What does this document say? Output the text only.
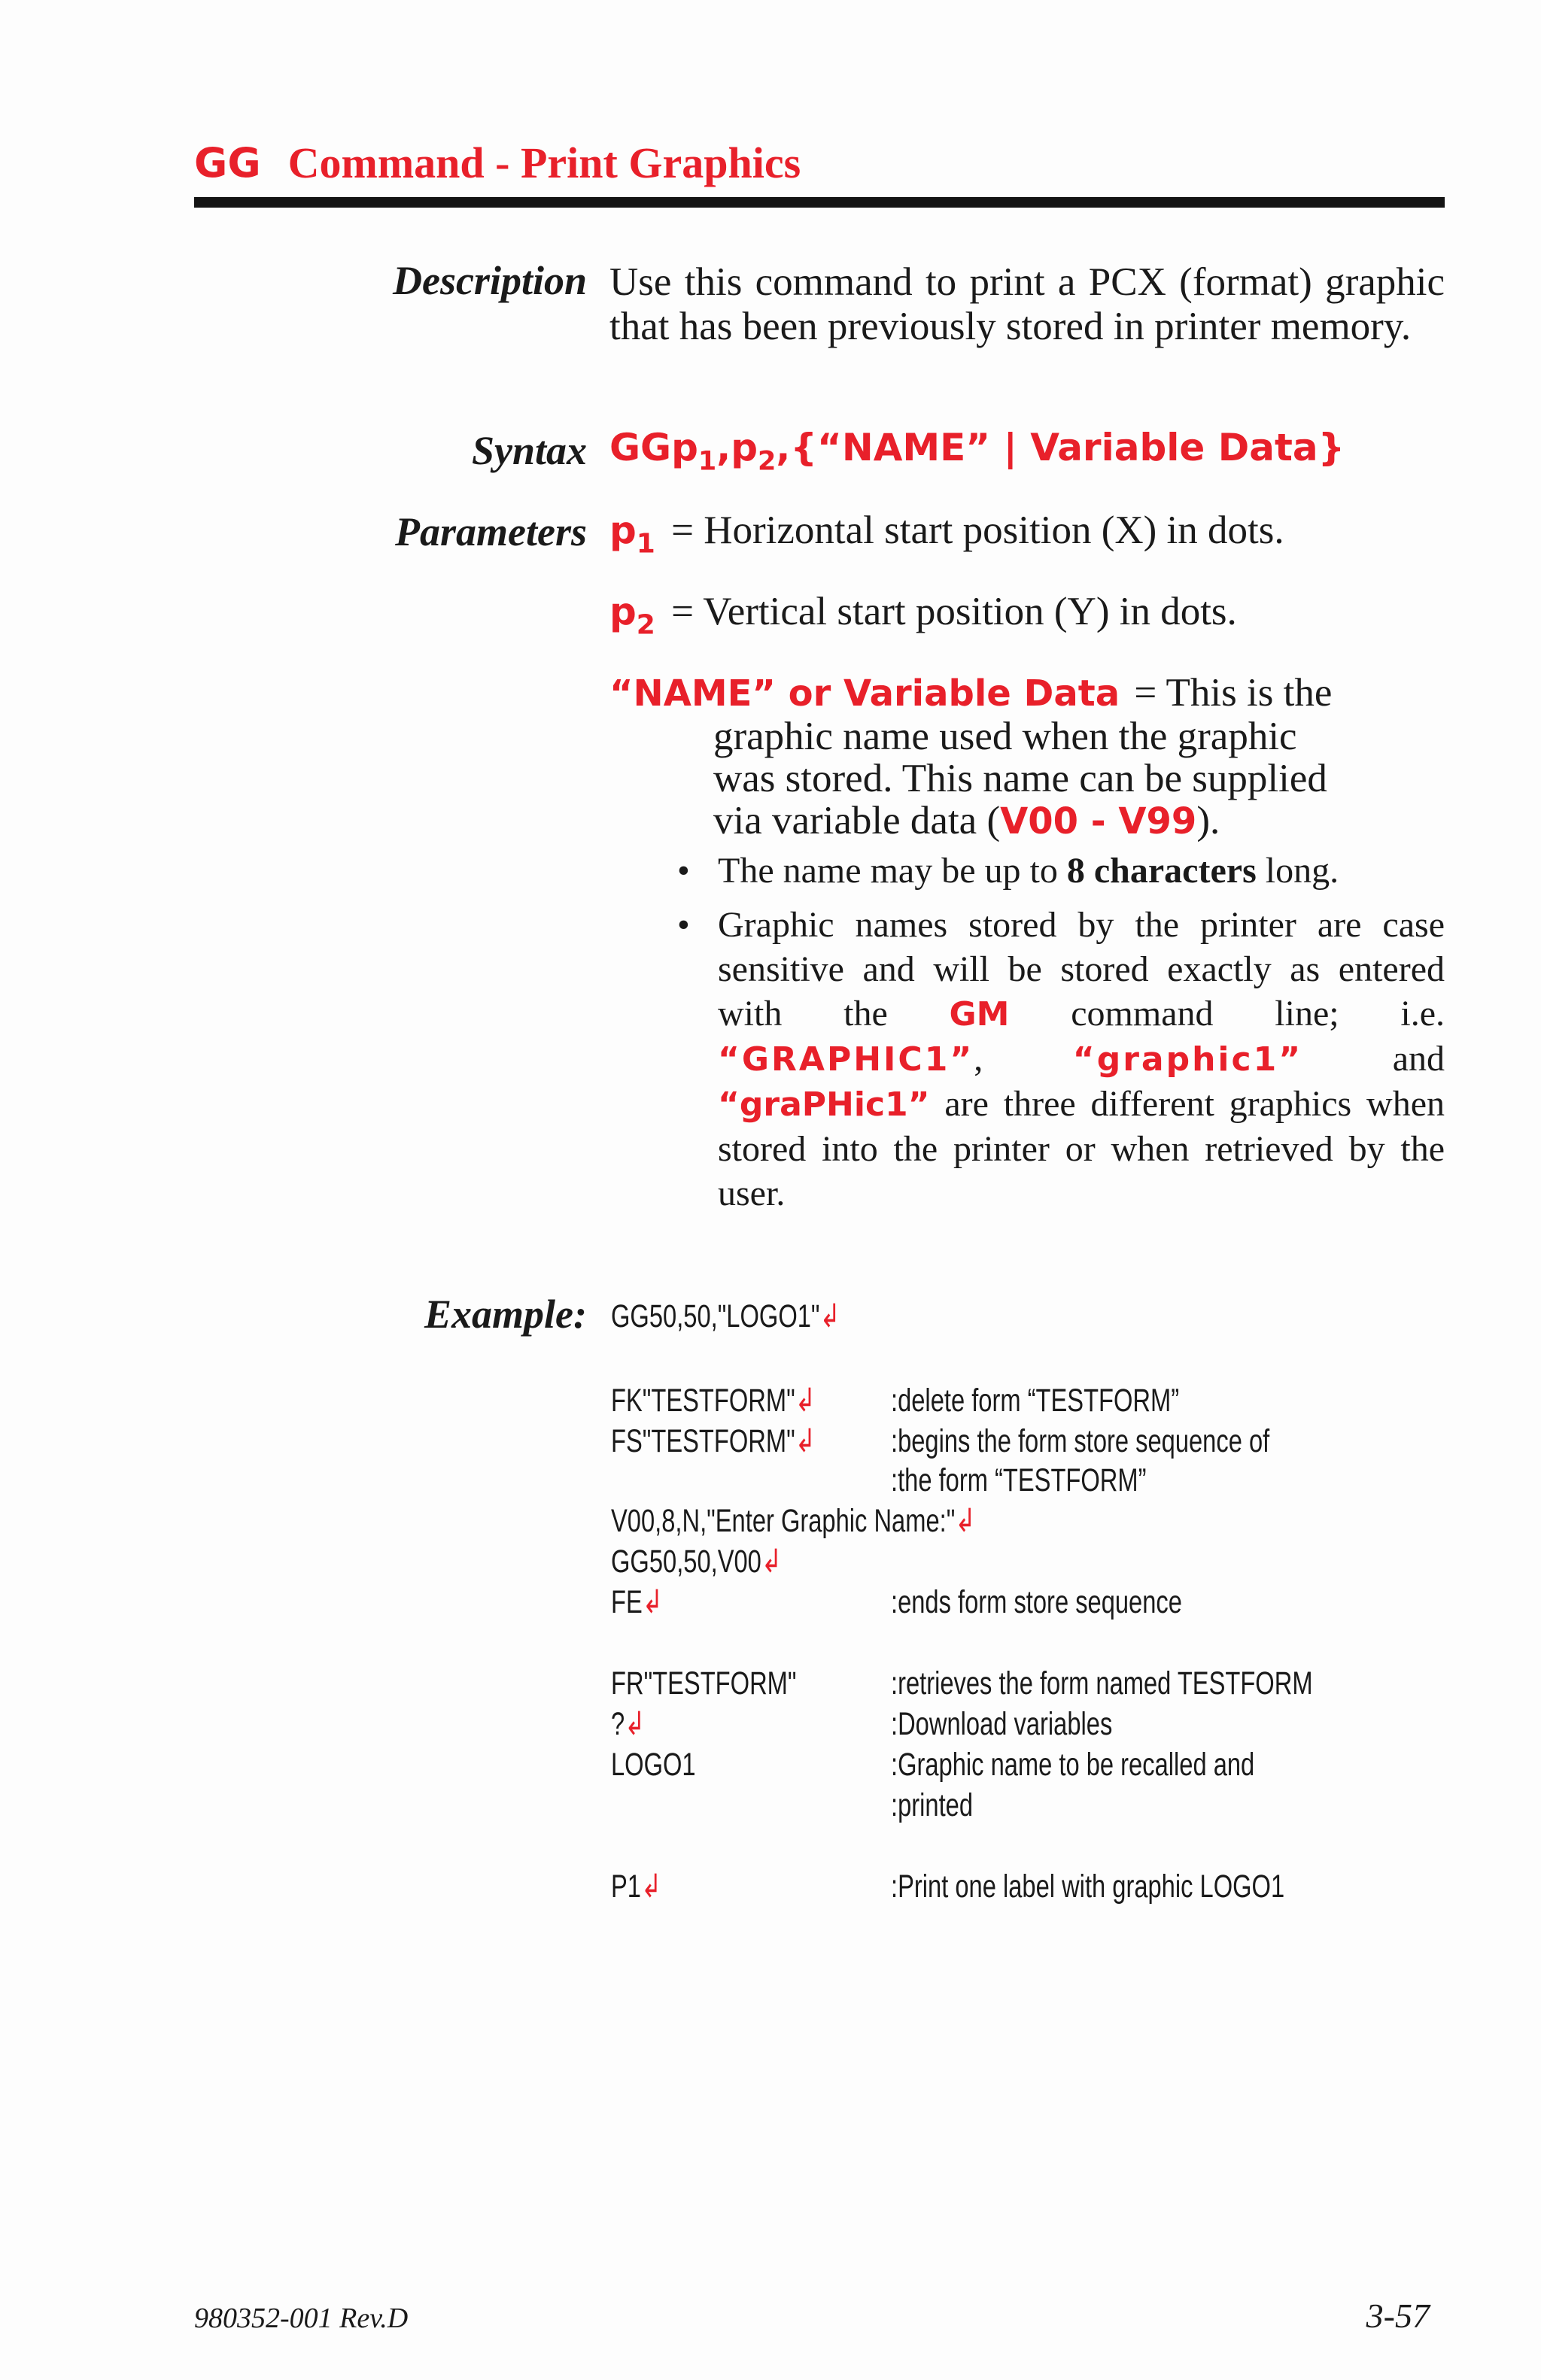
GG Command - Print Graphics
Description Use this command to print a PCX (format) graphic that has been previously stored in printer memory.
Syntax $GGp_1,p_2,\{“NAME$” | Variable Data}
Parameters $p_1$ = Horizontal start position (X) in dots.
$p_2$ = Vertical start position (Y) in dots.
“NAME” or Variable Data = This is the
graphic name used when the graphic
was stored. This name can be supplied
via variable data (V00 - V99).
• The name may be up to 8 characters long.
• Graphic names stored by the printer are case sensitive and will be stored exactly as entered with the GM command line; i.e. “GRAPHIC1”, “graphic1” and “graPHic1” are three different graphics when stored into the printer or when retrieved by the user.
Example: GG50,50,"LOGO1"↲
FK"TESTFORM"↲ :delete form “TESTFORM”
FS"TESTFORM"↲ :begins the form store sequence of
:the form “TESTFORM”
V00,8,N,"Enter Graphic Name:"↲
GG50,50,V00↲
FE↲	:ends form store sequence
FR"TESTFORM"	:retrieves the form named TESTFORM
?↲	:Download variables
LOGO1	:Graphic name to be recalled and
:printed
P1↲	:Print one label with graphic LOGO1
980352-001 Rev.D	3-57
